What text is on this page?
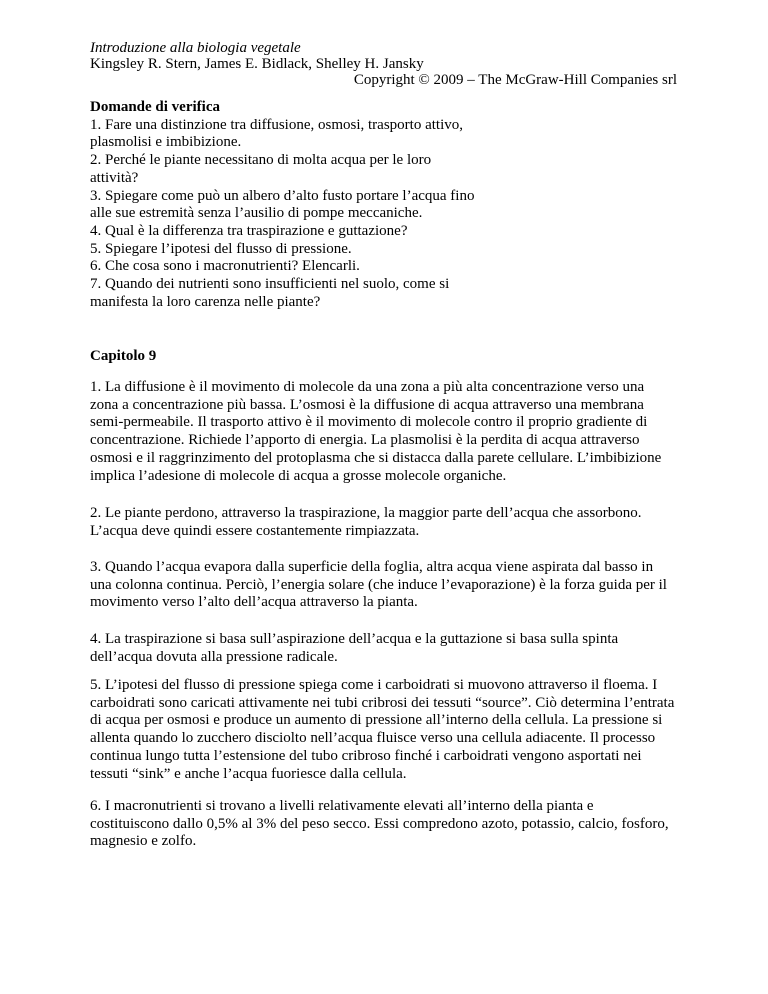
Introduzione alla biologia vegetale
Kingsley R. Stern, James E. Bidlack, Shelley H. Jansky
Copyright © 2009 – The McGraw-Hill Companies srl
Domande di verifica
1. Fare una distinzione tra diffusione, osmosi, trasporto attivo,
plasmolisi e imbibizione.
2. Perché le piante necessitano di molta acqua per le loro
attività?
3. Spiegare come può un albero d’alto fusto portare l’acqua fino
alle sue estremità senza l’ausilio di pompe meccaniche.
4. Qual è la differenza tra traspirazione e guttazione?
5. Spiegare l’ipotesi del flusso di pressione.
6. Che cosa sono i macronutrienti? Elencarli.
7. Quando dei nutrienti sono insufficienti nel suolo, come si
manifesta la loro carenza nelle piante?
Capitolo 9
1. La diffusione è il movimento di molecole da una zona a più alta concentrazione verso una
zona a concentrazione più bassa. L’osmosi è la diffusione di acqua attraverso una membrana
semi-permeabile. Il trasporto attivo è il movimento di molecole contro il proprio gradiente di
concentrazione. Richiede l’apporto di energia. La plasmolisi è la perdita di acqua attraverso
osmosi e il raggrinzimento del protoplasma che si distacca dalla parete cellulare. L’imbibizione
implica l’adesione di molecole di acqua a grosse molecole organiche.
2. Le piante perdono, attraverso la traspirazione, la maggior parte dell’acqua che assorbono.
L’acqua deve quindi essere costantemente rimpiazzata.
3. Quando l’acqua evapora dalla superficie della foglia, altra acqua viene aspirata dal basso in
una colonna continua. Perciò, l’energia solare (che induce l’evaporazione) è la forza guida per il
movimento verso l’alto dell’acqua attraverso la pianta.
4. La traspirazione si basa sull’aspirazione dell’acqua e la guttazione si basa sulla spinta
dell’acqua dovuta alla pressione radicale.
5. L’ipotesi del flusso di pressione spiega come i carboidrati si muovono attraverso il floema. I
carboidrati sono caricati attivamente nei tubi cribrosi dei tessuti “source”. Ciò determina l’entrata
di acqua per osmosi e produce un aumento di pressione all’interno della cellula. La pressione si
allenta quando lo zucchero disciolto nell’acqua fluisce verso una cellula adiacente. Il processo
continua lungo tutta l’estensione del tubo cribroso finché i carboidrati vengono asportati nei
tessuti “sink” e anche l’acqua fuoriesce dalla cellula.
6. I macronutrienti si trovano a livelli relativamente elevati all’interno della pianta e
costituiscono dallo 0,5% al 3% del peso secco. Essi compredono azoto, potassio, calcio, fosforo,
magnesio e zolfo.
